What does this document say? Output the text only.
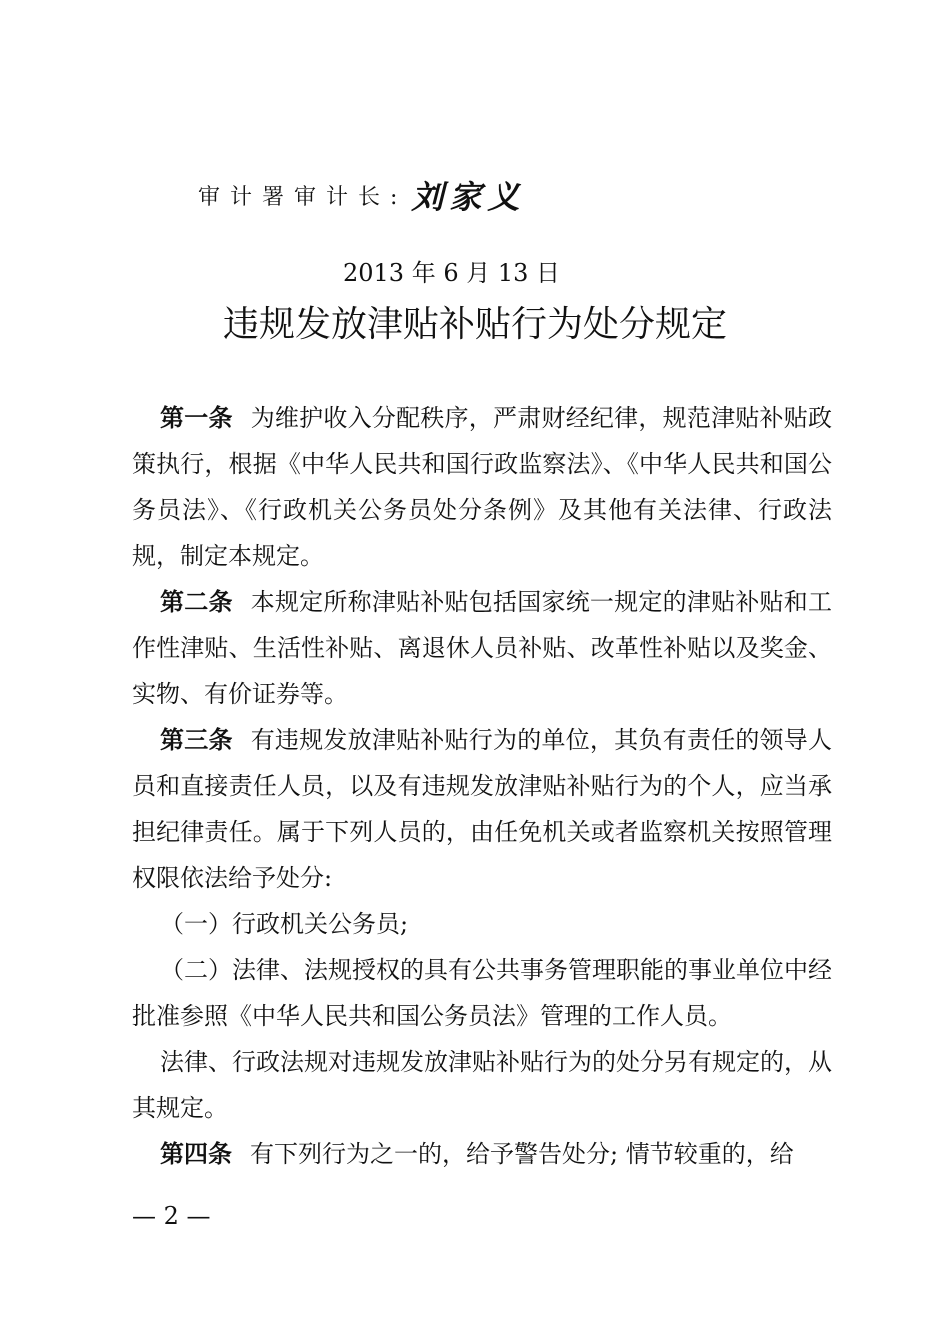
审计署审计长: 刘家义
2013 年 6 月 13 日
违规发放津贴补贴行为处分规定

第一条 为维护收入分配秩序，严肃财经纪律，规范津贴补贴政策执行，根据《中华人民共和国行政监察法》、《中华人民共和国公务员法》、《行政机关公务员处分条例》及其他有关法律、行政法规，制定本规定。

第二条 本规定所称津贴补贴包括国家统一规定的津贴补贴和工作性津贴、生活性补贴、离退休人员补贴、改革性补贴以及奖金、实物、有价证券等。

第三条 有违规发放津贴补贴行为的单位，其负有责任的领导人员和直接责任人员，以及有违规发放津贴补贴行为的个人，应当承担纪律责任。属于下列人员的，由任免机关或者监察机关按照管理权限依法给予处分:

（一）行政机关公务员;

（二）法律、法规授权的具有公共事务管理职能的事业单位中经批准参照《中华人民共和国公务员法》管理的工作人员。

法律、行政法规对违规发放津贴补贴行为的处分另有规定的，从其规定。

第四条 有下列行为之一的，给予警告处分; 情节较重的，给

— 2 —
